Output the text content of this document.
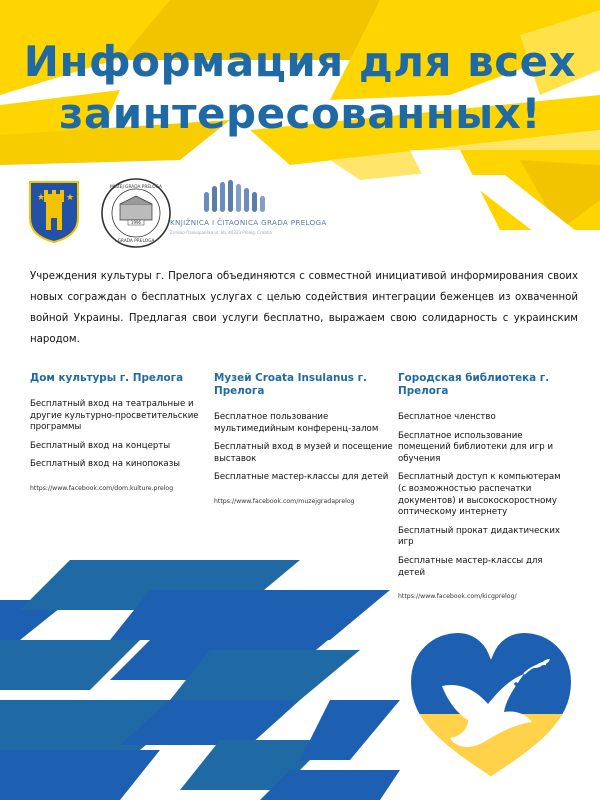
Информация для всех
заинтересованных!
★ ★
1996
MUZEJ GRADA PRELOGA
GRADA PRELOGA
KNJIŽNICA I ČITAONICA GRADA PRELOGA
Zrinsko-frankopanska ul. bb, 40323 Prelog, Croatia

Учреждения культуры г. Прелога объединяются с совместной инициативой информирования своих новых сограждан о бесплатных услугах с целью содействия интеграции беженцев из охваченной войной Украины. Предлагая свои услуги бесплатно, выражаем свою солидарность с украинским народом.

Дом культуры г. Прелога
Бесплатный вход на театральные и другие культурно-просветительские программы
Бесплатный вход на концерты
Бесплатный вход на кинопоказы
https://www.facebook.com/dom.kulture.prelog
Музей Croata Insulanus г. Прелога
Бесплатное пользование мультимедийным конференц-залом
Бесплатный вход в музей и посещение выставок
Бесплатные мастер-классы для детей
https://www.facebook.com/muzejgradaprelog
Городская библиотека г. Прелога
Бесплатное членство
Бесплатное использование помещений библиотеки для игр и обучения
Бесплатный доступ к компьютерам (с возможностью распечатки документов) и высокоскоростному оптическому интернету
Бесплатный прокат дидактических игр
Бесплатные мастер-классы для детей
https://www.facebook.com/kicgprelog/
